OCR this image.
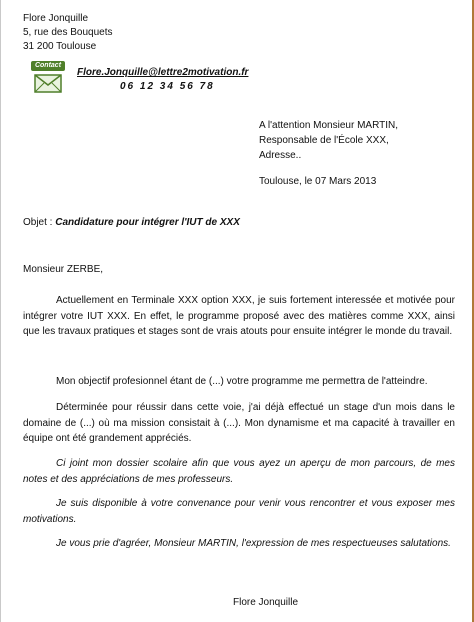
Flore Jonquille
5, rue des Bouquets
31 200 Toulouse
Contact
Flore.Jonquille@lettre2motivation.fr
06 12 34 56 78
A l'attention Monsieur MARTIN,
Responsable de l'École XXX,
Adresse..
Toulouse, le 07 Mars 2013
Objet : Candidature pour intégrer l'IUT de XXX
Monsieur ZERBE,
Actuellement en Terminale XXX option XXX, je suis fortement interessée et motivée pour intégrer votre IUT XXX. En effet, le programme proposé avec des matières comme XXX, ainsi que les travaux pratiques et stages sont de vrais atouts pour ensuite intégrer le monde du travail.
Mon objectif profesionnel étant de (...) votre programme me permettra de l'atteindre.
Déterminée pour réussir dans cette voie, j'ai déjà effectué un stage d'un mois dans le domaine de (...) où ma mission consistait à (...). Mon dynamisme et ma capacité à travailler en équipe ont été grandement appréciés.
Ci joint mon dossier scolaire afin que vous ayez un aperçu de mon parcours, de mes notes et des appréciations de mes professeurs.
Je suis disponible à votre convenance pour venir vous rencontrer et vous exposer mes motivations.
Je vous prie d'agréer, Monsieur MARTIN, l'expression de mes respectueuses salutations.
Flore Jonquille
